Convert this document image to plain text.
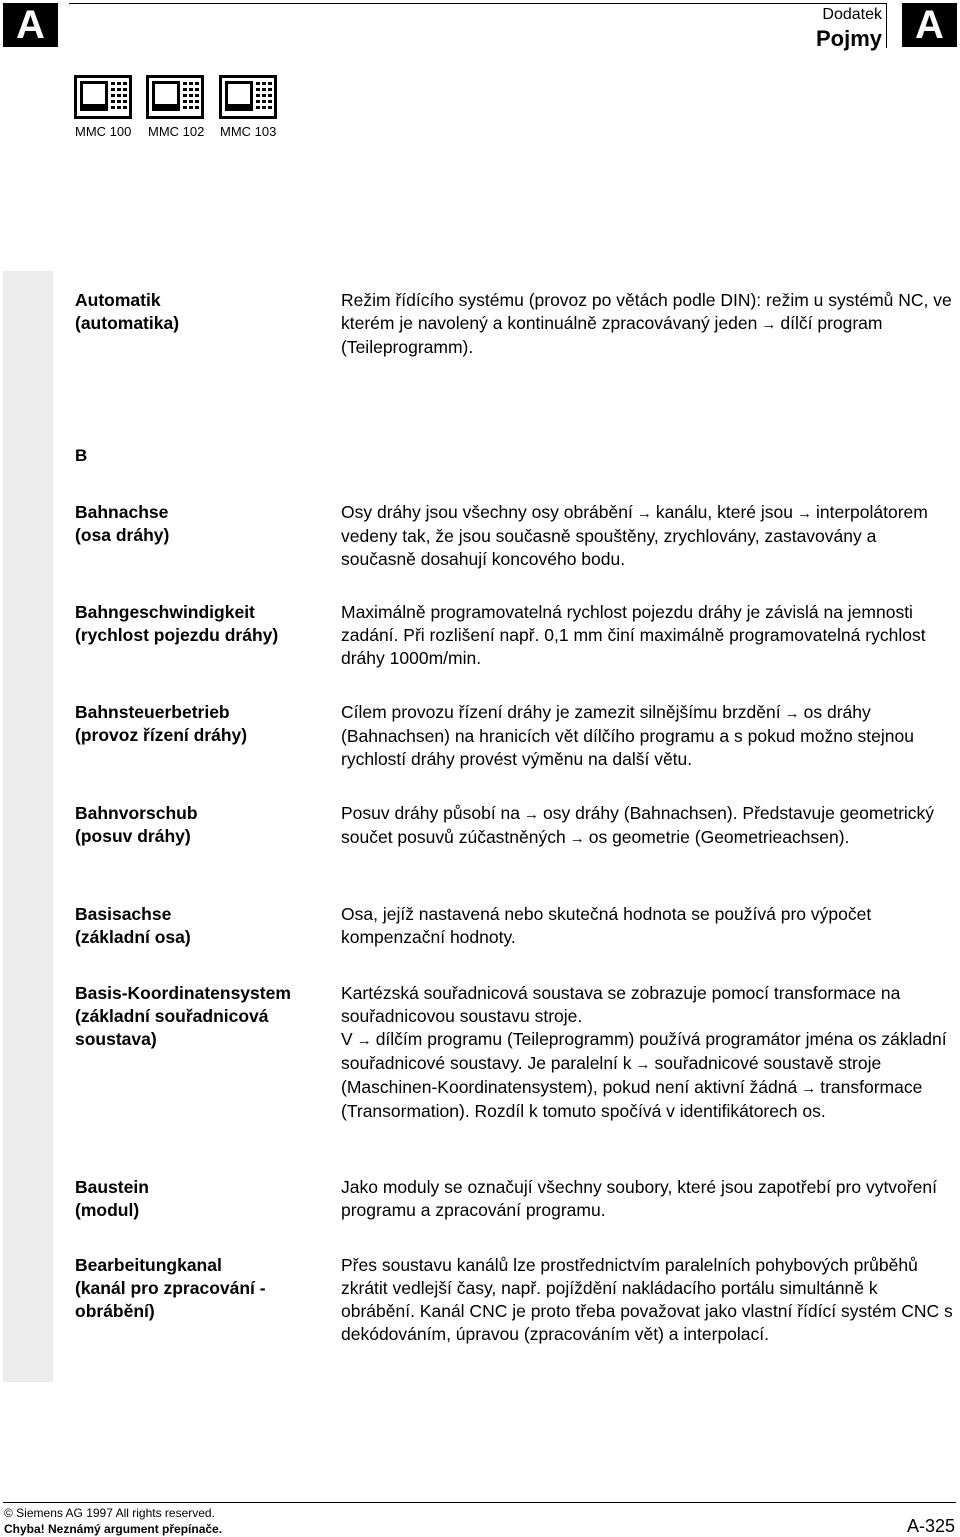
A	Dodatek
Pojmy A
MMC 100 MMC 102 MMC 103
Automatik
(automatika)
Režim řídícího systému (provoz po větách podle DIN): režim u systémů NC, ve kterém je navolený a kontinuálně zpracovávaný jeden → dílčí program (Teileprogramm).
B
Bahnachse
(osa dráhy)
Osy dráhy jsou všechny osy obrábění → kanálu, které jsou → interpolátorem vedeny tak, že jsou současně spouštěny, zrychlovány, zastavovány a současně dosahují koncového bodu.
Bahngeschwindigkeit
(rychlost pojezdu dráhy)
Maximálně programovatelná rychlost pojezdu dráhy je závislá na jemnosti zadání. Při rozlišení např. 0,1 mm činí maximálně programovatelná rychlost dráhy 1000m/min.
Bahnsteuerbetrieb
(provoz řízení dráhy)
Cílem provozu řízení dráhy je zamezit silnějšímu brzdění → os dráhy (Bahnachsen) na hranicích vět dílčího programu a s pokud možno stejnou rychlostí dráhy provést výměnu na další větu.
Bahnvorschub
(posuv dráhy)
Posuv dráhy působí na → osy dráhy (Bahnachsen). Představuje geometrický součet posuvů zúčastněných → os geometrie (Geometrieachsen).
Basisachse
(základní osa)
Osa, jejíž nastavená nebo skutečná hodnota se používá pro výpočet kompenzační hodnoty.
Basis-Koordinatensystem
(základní souřadnicová
soustava)
Kartézská souřadnicová soustava se zobrazuje pomocí transformace na souřadnicovou soustavu stroje.
V → dílčím programu (Teileprogramm) používá programátor jména os základní souřadnicové soustavy. Je paralelní k → souřadnicové soustavě stroje (Maschinen-Koordinatensystem), pokud není aktivní žádná → transformace (Transormation). Rozdíl k tomuto spočívá v identifikátorech os.
Baustein
(modul)
Jako moduly se označují všechny soubory, které jsou zapotřebí pro vytvoření programu a zpracování programu.
Bearbeitungkanal
(kanál pro zpracování -
obrábění)
Přes soustavu kanálů lze prostřednictvím paralelních pohybových průběhů zkrátit vedlejší časy, např. pojíždění nakládacího portálu simultánně k obrábění. Kanál CNC je proto třeba považovat jako vlastní řídící systém CNC s dekódováním, úpravou (zpracováním vět) a interpolací.
© Siemens AG 1997 All rights reserved.
Chyba! Neznámý argument přepínače.	A-325
